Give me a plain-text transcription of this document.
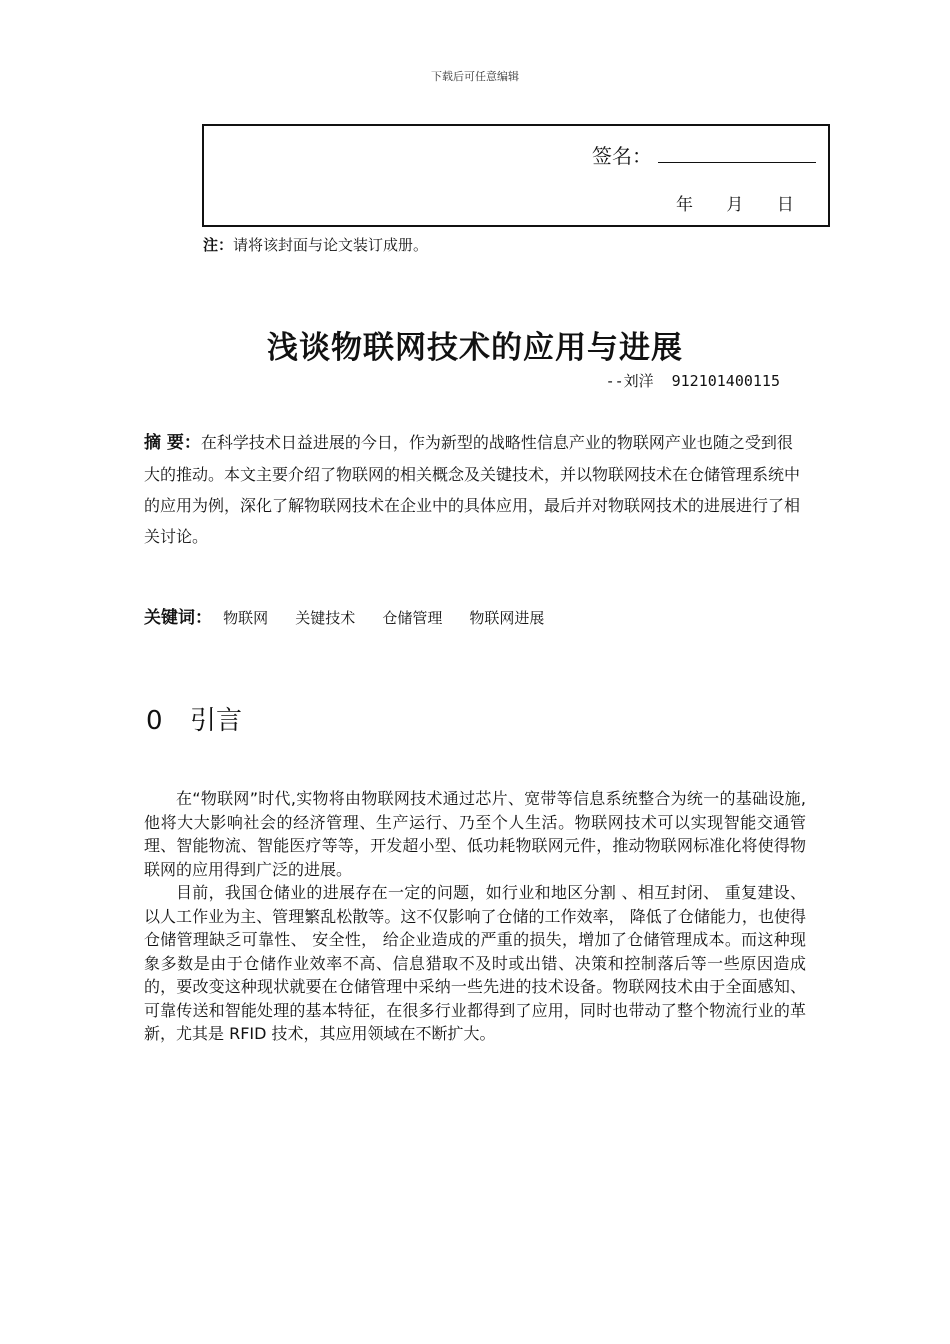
下载后可任意编辑
签名：
年 月 日
注：请将该封面与论文装订成册。
浅谈物联网技术的应用与进展
--刘洋 912101400115
摘 要：在科学技术日益进展的今日，作为新型的战略性信息产业的物联网产业也随之受到很大的推动。本文主要介绍了物联网的相关概念及关键技术，并以物联网技术在仓储管理系统中的应用为例，深化了解物联网技术在企业中的具体应用，最后并对物联网技术的进展进行了相关讨论。
关键词： 物联网 关键技术 仓储管理 物联网进展
0 引言

在“物联网”时代,实物将由物联网技术通过芯片、宽带等信息系统整合为统一的基础设施,他将大大影响社会的经济管理、生产运行、乃至个人生活。物联网技术可以实现智能交通管理、智能物流、智能医疗等等，开发超小型、低功耗物联网元件，推动物联网标准化将使得物联网的应用得到广泛的进展。

目前，我国仓储业的进展存在一定的问题，如行业和地区分割 、相互封闭、 重复建设、以人工作业为主、管理繁乱松散等。这不仅影响了仓储的工作效率， 降低了仓储能力，也使得仓储管理缺乏可靠性、 安全性， 给企业造成的严重的损失，增加了仓储管理成本。而这种现象多数是由于仓储作业效率不高、信息猎取不及时或出错、决策和控制落后等一些原因造成的，要改变这种现状就要在仓储管理中采纳一些先进的技术设备。物联网技术由于全面感知、可靠传送和智能处理的基本特征，在很多行业都得到了应用，同时也带动了整个物流行业的革新，尤其是 RFID 技术，其应用领域在不断扩大。
